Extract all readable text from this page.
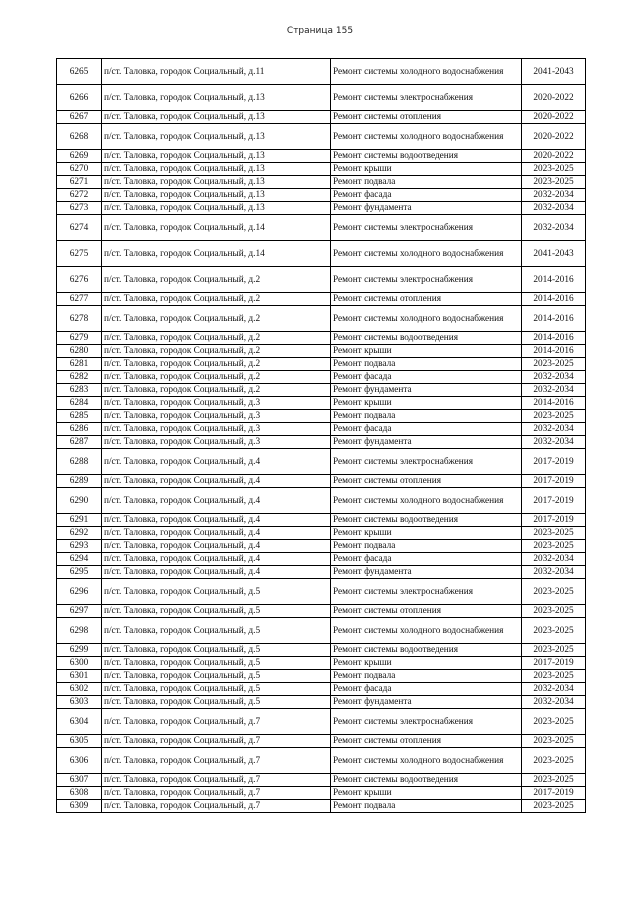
Страница 155
6265	п/ст. Таловка, городок Социальный, д.11	Ремонт системы холодного водоснабжения	2041-2043
6266	п/ст. Таловка, городок Социальный, д.13	Ремонт системы электроснабжения	2020-2022
6267	п/ст. Таловка, городок Социальный, д.13	Ремонт системы отопления	2020-2022
6268	п/ст. Таловка, городок Социальный, д.13	Ремонт системы холодного водоснабжения	2020-2022
6269	п/ст. Таловка, городок Социальный, д.13	Ремонт системы водоотведения	2020-2022
6270	п/ст. Таловка, городок Социальный, д.13	Ремонт крыши	2023-2025
6271	п/ст. Таловка, городок Социальный, д.13	Ремонт подвала	2023-2025
6272	п/ст. Таловка, городок Социальный, д.13	Ремонт фасада	2032-2034
6273	п/ст. Таловка, городок Социальный, д.13	Ремонт фундамента	2032-2034
6274	п/ст. Таловка, городок Социальный, д.14	Ремонт системы электроснабжения	2032-2034
6275	п/ст. Таловка, городок Социальный, д.14	Ремонт системы холодного водоснабжения	2041-2043
6276	п/ст. Таловка, городок Социальный, д.2	Ремонт системы электроснабжения	2014-2016
6277	п/ст. Таловка, городок Социальный, д.2	Ремонт системы отопления	2014-2016
6278	п/ст. Таловка, городок Социальный, д.2	Ремонт системы холодного водоснабжения	2014-2016
6279	п/ст. Таловка, городок Социальный, д.2	Ремонт системы водоотведения	2014-2016
6280	п/ст. Таловка, городок Социальный, д.2	Ремонт крыши	2014-2016
6281	п/ст. Таловка, городок Социальный, д.2	Ремонт подвала	2023-2025
6282	п/ст. Таловка, городок Социальный, д.2	Ремонт фасада	2032-2034
6283	п/ст. Таловка, городок Социальный, д.2	Ремонт фундамента	2032-2034
6284	п/ст. Таловка, городок Социальный, д.3	Ремонт крыши	2014-2016
6285	п/ст. Таловка, городок Социальный, д.3	Ремонт подвала	2023-2025
6286	п/ст. Таловка, городок Социальный, д.3	Ремонт фасада	2032-2034
6287	п/ст. Таловка, городок Социальный, д.3	Ремонт фундамента	2032-2034
6288	п/ст. Таловка, городок Социальный, д.4	Ремонт системы электроснабжения	2017-2019
6289	п/ст. Таловка, городок Социальный, д.4	Ремонт системы отопления	2017-2019
6290	п/ст. Таловка, городок Социальный, д.4	Ремонт системы холодного водоснабжения	2017-2019
6291	п/ст. Таловка, городок Социальный, д.4	Ремонт системы водоотведения	2017-2019
6292	п/ст. Таловка, городок Социальный, д.4	Ремонт крыши	2023-2025
6293	п/ст. Таловка, городок Социальный, д.4	Ремонт подвала	2023-2025
6294	п/ст. Таловка, городок Социальный, д.4	Ремонт фасада	2032-2034
6295	п/ст. Таловка, городок Социальный, д.4	Ремонт фундамента	2032-2034
6296	п/ст. Таловка, городок Социальный, д.5	Ремонт системы электроснабжения	2023-2025
6297	п/ст. Таловка, городок Социальный, д.5	Ремонт системы отопления	2023-2025
6298	п/ст. Таловка, городок Социальный, д.5	Ремонт системы холодного водоснабжения	2023-2025
6299	п/ст. Таловка, городок Социальный, д.5	Ремонт системы водоотведения	2023-2025
6300	п/ст. Таловка, городок Социальный, д.5	Ремонт крыши	2017-2019
6301	п/ст. Таловка, городок Социальный, д.5	Ремонт подвала	2023-2025
6302	п/ст. Таловка, городок Социальный, д.5	Ремонт фасада	2032-2034
6303	п/ст. Таловка, городок Социальный, д.5	Ремонт фундамента	2032-2034
6304	п/ст. Таловка, городок Социальный, д.7	Ремонт системы электроснабжения	2023-2025
6305	п/ст. Таловка, городок Социальный, д.7	Ремонт системы отопления	2023-2025
6306	п/ст. Таловка, городок Социальный, д.7	Ремонт системы холодного водоснабжения	2023-2025
6307	п/ст. Таловка, городок Социальный, д.7	Ремонт системы водоотведения	2023-2025
6308	п/ст. Таловка, городок Социальный, д.7	Ремонт крыши	2017-2019
6309	п/ст. Таловка, городок Социальный, д.7	Ремонт подвала	2023-2025
